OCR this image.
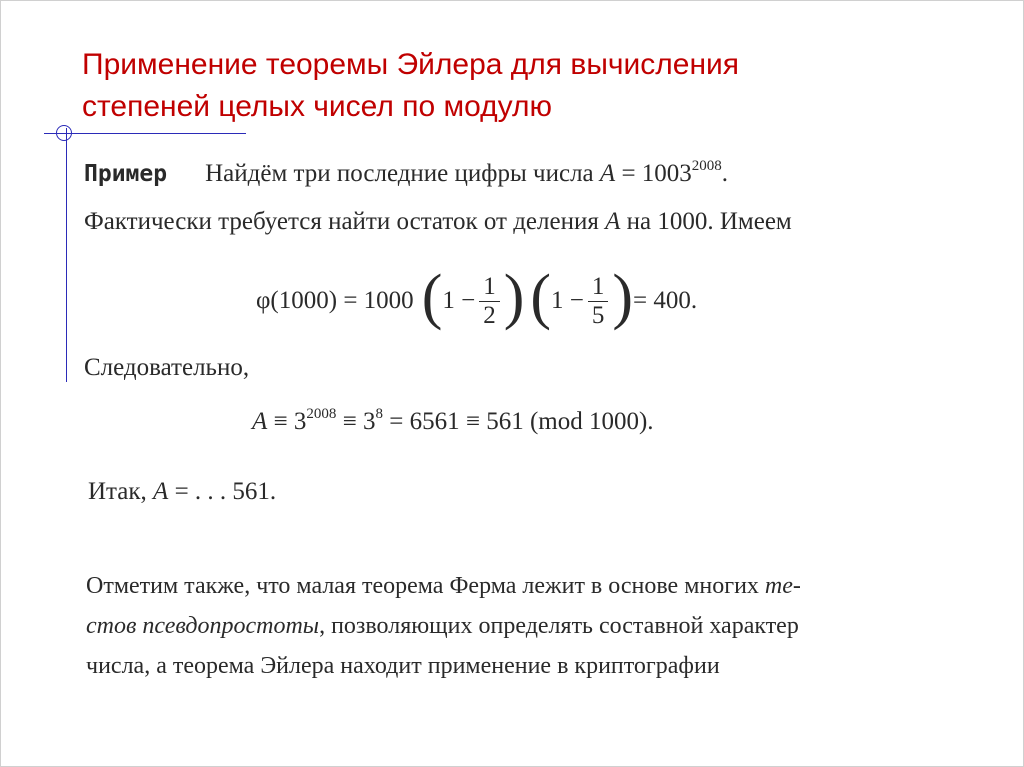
Применение теоремы Эйлера для вычисления
степеней целых чисел по модулю
Пример Найдём три последние цифры числа $A = 1003^{2008}$.
Фактически требуется найти остаток от деления A на 1000. Имеем
φ(1000) = 1000 ( $1 - \frac{1}{2}$ ) ( $1 - \frac{1}{5}$ ) = 400.
Следовательно,
$A \equiv 3^{2008} \equiv 3^8 = 6561 \equiv 561$ (mod 1000).
Итак, A = . . . 561.
Отметим также, что малая теорема Ферма лежит в основе многих те-
стов псевдопростоты, позволяющих определять составной характер
числа, а теорема Эйлера находит применение в криптографии
